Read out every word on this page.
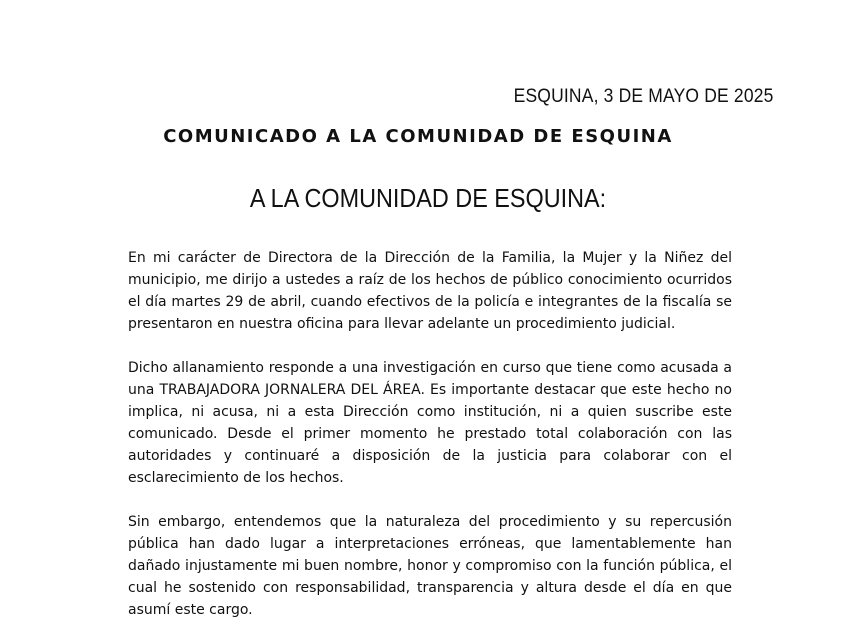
ESQUINA, 3 DE MAYO DE 2025
COMUNICADO A LA COMUNIDAD DE ESQUINA
A LA COMUNIDAD DE ESQUINA:

En mi carácter de Directora de la Dirección de la Familia, la Mujer y la Niñez del municipio, me dirijo a ustedes a raíz de los hechos de público conocimiento ocurridos el día martes 29 de abril, cuando efectivos de la policía e integrantes de la fiscalía se presentaron en nuestra oficina para llevar adelante un procedimiento judicial.

Dicho allanamiento responde a una investigación en curso que tiene como acusada a una TRABAJADORA JORNALERA DEL ÁREA. Es importante destacar que este hecho no implica, ni acusa, ni a esta Dirección como institución, ni a quien suscribe este comunicado. Desde el primer momento he prestado total colaboración con las autoridades y continuaré a disposición de la justicia para colaborar con el esclarecimiento de los hechos.

Sin embargo, entendemos que la naturaleza del procedimiento y su repercusión pública han dado lugar a interpretaciones erróneas, que lamentablemente han dañado injustamente mi buen nombre, honor y compromiso con la función pública, el cual he sostenido con responsabilidad, transparencia y altura desde el día en que asumí este cargo.
